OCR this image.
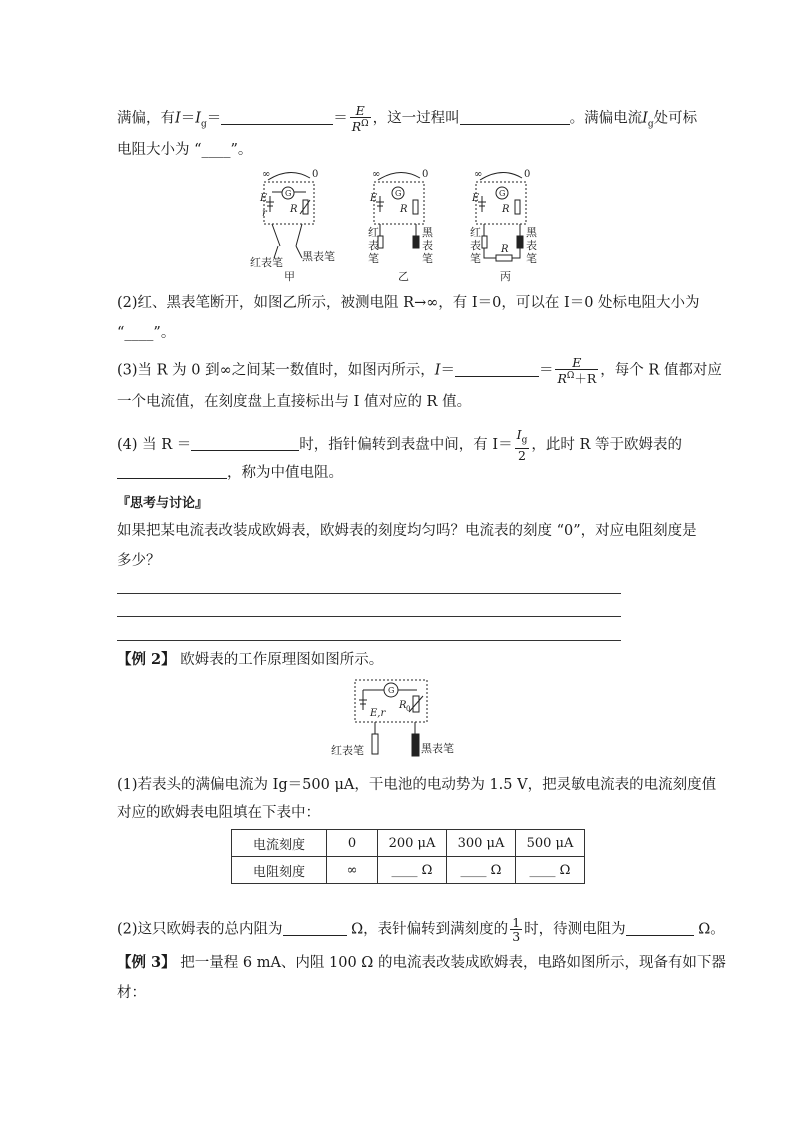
满偏，有$I=I_g=$	＝ $\frac{E}{R^\Omega}$ ，这一过程叫	。满偏电流$I_g$处可标
电阻大小为 “____”。
∞	0
G
E
r R
红表笔 黑表笔
甲
∞	0
G
E
R
红
表
笔
黑
表
笔
乙
∞	0
G
E
R
红
表
笔
黑
表
笔
R
丙
(2)红、黑表笔断开，如图乙所示，被测电阻 R→∞，有 I＝0，可以在 I＝0 处标电阻大小为
“____”。
(3)当 R 为 0 到∞之间某一数值时，如图丙所示，I＝	＝ $\frac{E}{R^\Omega+R}$ ，每个 R 值都对应
一个电流值，在刻度盘上直接标出与 I 值对应的 R 值。
(4) 当 R ＝	时，指针偏转到表盘中间，有 $I= \frac{I_g}{2}$ ，此时 R 等于欧姆表的
，称为中值电阻。
『思考与讨论』
如果把某电流表改装成欧姆表，欧姆表的刻度均匀吗？电流表的刻度 “0”，对应电阻刻度是
多少？
【例 2】 欧姆表的工作原理图如图所示。
G
E,r
R 0
红表笔	黑表笔
(1)若表头的满偏电流为 Ig＝500 μA，干电池的电动势为 1.5 V，把灵敏电流表的电流刻度值
对应的欧姆表电阻填在下表中：
电流刻度	0	200 μA	300 μA	500 μA
电阻刻度	∞	____ Ω	____ Ω	____ Ω
(2)这只欧姆表的总内阻为	Ω，表针偏转到满刻度的 $\frac{1}{3}$ 时，待测电阻为	Ω。
【例 3】 把一量程 6 mA、内阻 100 Ω 的电流表改装成欧姆表，电路如图所示，现备有如下器
材：
